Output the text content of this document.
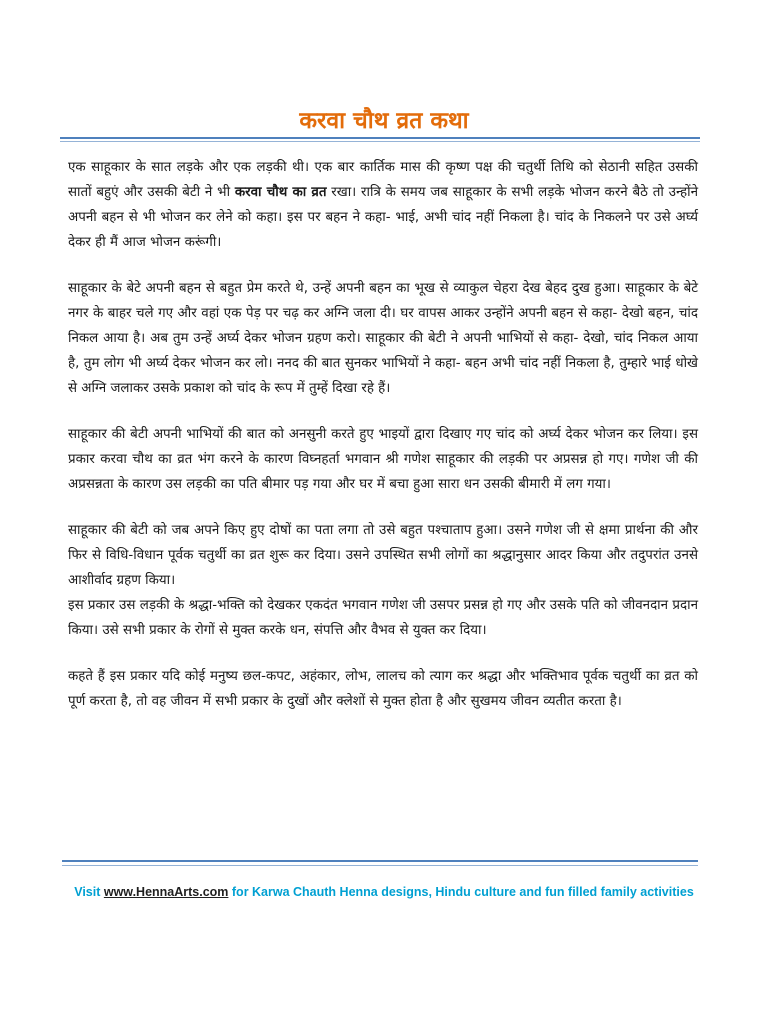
करवा चौथ व्रत कथा

एक साहूकार के सात लड़के और एक लड़की थी। एक बार कार्तिक मास की कृष्ण पक्ष की चतुर्थी तिथि को सेठानी सहित उसकी सातों बहुएं और उसकी बेटी ने भी करवा चौथ का व्रत रखा। रात्रि के समय जब साहूकार के सभी लड़के भोजन करने बैठे तो उन्होंने अपनी बहन से भी भोजन कर लेने को कहा। इस पर बहन ने कहा- भाई, अभी चांद नहीं निकला है। चांद के निकलने पर उसे अर्घ्य देकर ही मैं आज भोजन करूंगी।

साहूकार के बेटे अपनी बहन से बहुत प्रेम करते थे, उन्हें अपनी बहन का भूख से व्याकुल चेहरा देख बेहद दुख हुआ। साहूकार के बेटे नगर के बाहर चले गए और वहां एक पेड़ पर चढ़ कर अग्नि जला दी। घर वापस आकर उन्होंने अपनी बहन से कहा- देखो बहन, चांद निकल आया है। अब तुम उन्हें अर्घ्य देकर भोजन ग्रहण करो। साहूकार की बेटी ने अपनी भाभियों से कहा- देखो, चांद निकल आया है, तुम लोग भी अर्घ्य देकर भोजन कर लो। ननद की बात सुनकर भाभियों ने कहा- बहन अभी चांद नहीं निकला है, तुम्हारे भाई धोखे से अग्नि जलाकर उसके प्रकाश को चांद के रूप में तुम्हें दिखा रहे हैं।

साहूकार की बेटी अपनी भाभियों की बात को अनसुनी करते हुए भाइयों द्वारा दिखाए गए चांद को अर्घ्य देकर भोजन कर लिया। इस प्रकार करवा चौथ का व्रत भंग करने के कारण विघ्नहर्ता भगवान श्री गणेश साहूकार की लड़की पर अप्रसन्न हो गए। गणेश जी की अप्रसन्नता के कारण उस लड़की का पति बीमार पड़ गया और घर में बचा हुआ सारा धन उसकी बीमारी में लग गया।

साहूकार की बेटी को जब अपने किए हुए दोषों का पता लगा तो उसे बहुत पश्चाताप हुआ। उसने गणेश जी से क्षमा प्रार्थना की और फिर से विधि-विधान पूर्वक चतुर्थी का व्रत शुरू कर दिया। उसने उपस्थित सभी लोगों का श्रद्धानुसार आदर किया और तदुपरांत उनसे आशीर्वाद ग्रहण किया।

इस प्रकार उस लड़की के श्रद्धा-भक्ति को देखकर एकदंत भगवान गणेश जी उसपर प्रसन्न हो गए और उसके पति को जीवनदान प्रदान किया। उसे सभी प्रकार के रोगों से मुक्त करके धन, संपत्ति और वैभव से युक्त कर दिया।

कहते हैं इस प्रकार यदि कोई मनुष्य छल-कपट, अहंकार, लोभ, लालच को त्याग कर श्रद्धा और भक्तिभाव पूर्वक चतुर्थी का व्रत को पूर्ण करता है, तो वह जीवन में सभी प्रकार के दुखों और क्लेशों से मुक्त होता है और सुखमय जीवन व्यतीत करता है।

Visit www.HennaArts.com for Karwa Chauth Henna designs, Hindu culture and fun filled family activities
